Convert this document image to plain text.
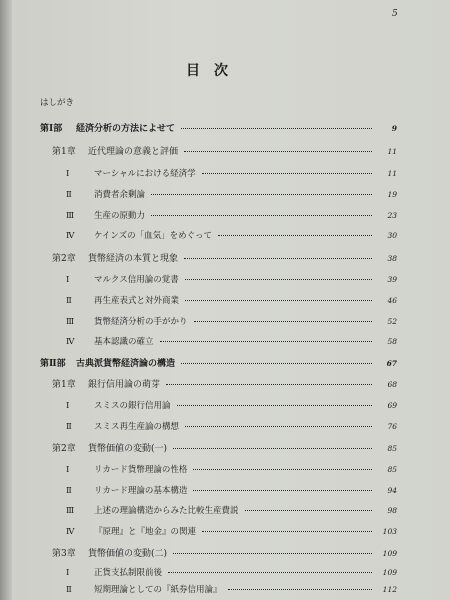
5
目次
はしがき
第Ⅰ部	経済分析の方法によせて	9
第1章	近代理論の意義と評価	11
Ⅰ	マーシャルにおける経済学	11
Ⅱ	消費者余剰論	19
Ⅲ	生産の原動力	23
Ⅳ	ケインズの「血気」をめぐって	30
第2章	貨幣経済の本質と現象	38
Ⅰ	マルクス信用論の覚書	39
Ⅱ	再生産表式と対外商業	46
Ⅲ	貨幣経済分析の手がかり	52
Ⅳ	基本認識の確立	58
第Ⅱ部	古典派貨幣経済論の構造	67
第1章	銀行信用論の萌芽	68
Ⅰ	スミスの銀行信用論	69
Ⅱ	スミス再生産論の構想	76
第2章	貨幣価値の変動(一)	85
Ⅰ	リカード貨幣理論の性格	85
Ⅱ	リカード理論の基本構造	94
Ⅲ	上述の理論構造からみた比較生産費説	98
Ⅳ	『原理』と『地金』の関連	103
第3章	貨幣価値の変動(二)	109
Ⅰ	正貨支払制限前後	109
Ⅱ	短期理論としての『紙券信用論』	112
